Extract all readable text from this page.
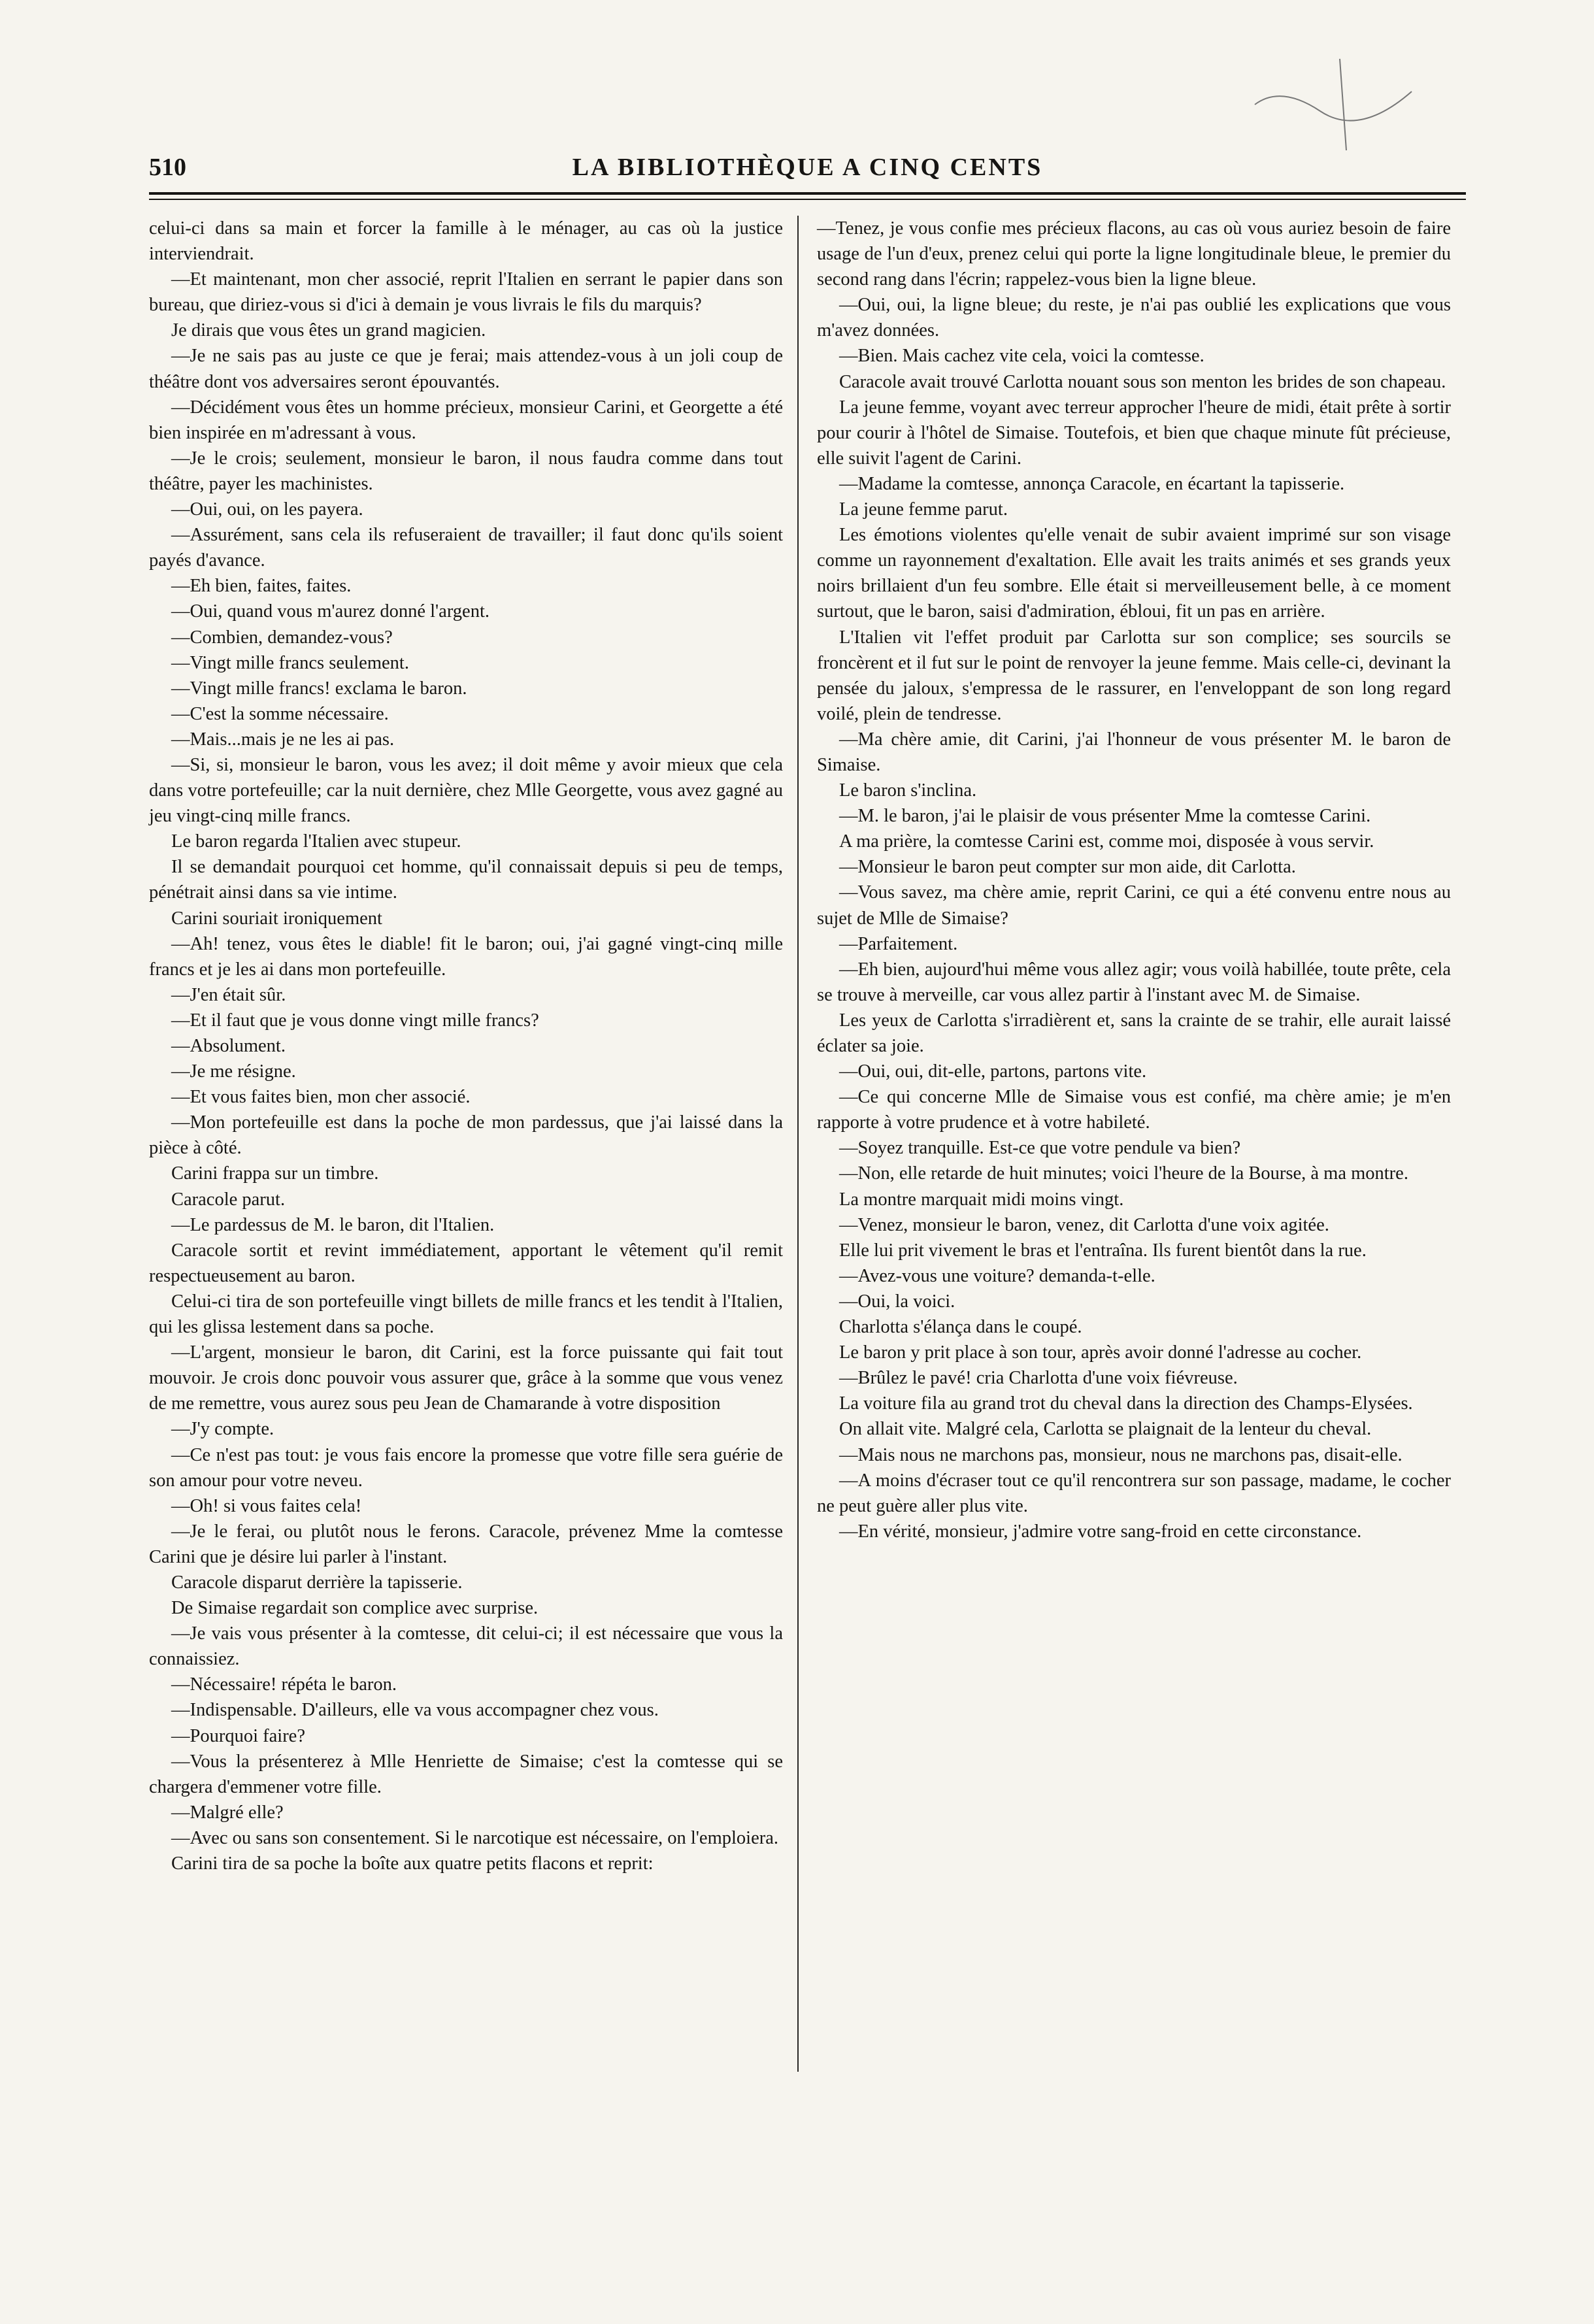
510	LA BIBLIOTHÈQUE A CINQ CENTS

celui-ci dans sa main et forcer la famille à le ménager, au cas où la justice interviendrait.

—Et maintenant, mon cher associé, reprit l'Italien en serrant le papier dans son bureau, que diriez-vous si d'ici à demain je vous livrais le fils du marquis?

Je dirais que vous êtes un grand magicien.

—Je ne sais pas au juste ce que je ferai; mais attendez-vous à un joli coup de théâtre dont vos adversaires seront épouvantés.

—Décidément vous êtes un homme précieux, monsieur Carini, et Georgette a été bien inspirée en m'adressant à vous.

—Je le crois; seulement, monsieur le baron, il nous faudra comme dans tout théâtre, payer les machinistes.

—Oui, oui, on les payera.

—Assurément, sans cela ils refuseraient de travailler; il faut donc qu'ils soient payés d'avance.

—Eh bien, faites, faites.

—Oui, quand vous m'aurez donné l'argent.

—Combien, demandez-vous?

—Vingt mille francs seulement.

—Vingt mille francs! exclama le baron.

—C'est la somme nécessaire.

—Mais...mais je ne les ai pas.

—Si, si, monsieur le baron, vous les avez; il doit même y avoir mieux que cela dans votre portefeuille; car la nuit dernière, chez Mlle Georgette, vous avez gagné au jeu vingt-cinq mille francs.

Le baron regarda l'Italien avec stupeur.

Il se demandait pourquoi cet homme, qu'il connaissait depuis si peu de temps, pénétrait ainsi dans sa vie intime.

Carini souriait ironiquement

—Ah! tenez, vous êtes le diable! fit le baron; oui, j'ai gagné vingt-cinq mille francs et je les ai dans mon portefeuille.

—J'en était sûr.

—Et il faut que je vous donne vingt mille francs?

—Absolument.

—Je me résigne.

—Et vous faites bien, mon cher associé.

—Mon portefeuille est dans la poche de mon pardessus, que j'ai laissé dans la pièce à côté.

Carini frappa sur un timbre.

Caracole parut.

—Le pardessus de M. le baron, dit l'Italien.

Caracole sortit et revint immédiatement, apportant le vêtement qu'il remit respectueusement au baron.

Celui-ci tira de son portefeuille vingt billets de mille francs et les tendit à l'Italien, qui les glissa lestement dans sa poche.

—L'argent, monsieur le baron, dit Carini, est la force puissante qui fait tout mouvoir. Je crois donc pouvoir vous assurer que, grâce à la somme que vous venez de me remettre, vous aurez sous peu Jean de Chamarande à votre disposition

—J'y compte.

—Ce n'est pas tout: je vous fais encore la promesse que votre fille sera guérie de son amour pour votre neveu.

—Oh! si vous faites cela!

—Je le ferai, ou plutôt nous le ferons. Caracole, prévenez Mme la comtesse Carini que je désire lui parler à l'instant.

Caracole disparut derrière la tapisserie.

De Simaise regardait son complice avec surprise.

—Je vais vous présenter à la comtesse, dit celui-ci; il est nécessaire que vous la connaissiez.

—Nécessaire! répéta le baron.

—Indispensable. D'ailleurs, elle va vous accompagner chez vous.

—Pourquoi faire?

—Vous la présenterez à Mlle Henriette de Simaise; c'est la comtesse qui se chargera d'emmener votre fille.

—Malgré elle?

—Avec ou sans son consentement. Si le narcotique est nécessaire, on l'emploiera.

Carini tira de sa poche la boîte aux quatre petits flacons et reprit:

—Tenez, je vous confie mes précieux flacons, au cas où vous auriez besoin de faire usage de l'un d'eux, prenez celui qui porte la ligne longitudinale bleue, le premier du second rang dans l'écrin; rappelez-vous bien la ligne bleue.

—Oui, oui, la ligne bleue; du reste, je n'ai pas oublié les explications que vous m'avez données.

—Bien. Mais cachez vite cela, voici la comtesse.

Caracole avait trouvé Carlotta nouant sous son menton les brides de son chapeau.

La jeune femme, voyant avec terreur approcher l'heure de midi, était prête à sortir pour courir à l'hôtel de Simaise. Toutefois, et bien que chaque minute fût précieuse, elle suivit l'agent de Carini.

—Madame la comtesse, annonça Caracole, en écartant la tapisserie.

La jeune femme parut.

Les émotions violentes qu'elle venait de subir avaient imprimé sur son visage comme un rayonnement d'exaltation. Elle avait les traits animés et ses grands yeux noirs brillaient d'un feu sombre. Elle était si merveilleusement belle, à ce moment surtout, que le baron, saisi d'admiration, ébloui, fit un pas en arrière.

L'Italien vit l'effet produit par Carlotta sur son complice; ses sourcils se froncèrent et il fut sur le point de renvoyer la jeune femme. Mais celle-ci, devinant la pensée du jaloux, s'empressa de le rassurer, en l'enveloppant de son long regard voilé, plein de tendresse.

—Ma chère amie, dit Carini, j'ai l'honneur de vous présenter M. le baron de Simaise.

Le baron s'inclina.

—M. le baron, j'ai le plaisir de vous présenter Mme la comtesse Carini.

A ma prière, la comtesse Carini est, comme moi, disposée à vous servir.

—Monsieur le baron peut compter sur mon aide, dit Carlotta.

—Vous savez, ma chère amie, reprit Carini, ce qui a été convenu entre nous au sujet de Mlle de Simaise?

—Parfaitement.

—Eh bien, aujourd'hui même vous allez agir; vous voilà habillée, toute prête, cela se trouve à merveille, car vous allez partir à l'instant avec M. de Simaise.

Les yeux de Carlotta s'irradièrent et, sans la crainte de se trahir, elle aurait laissé éclater sa joie.

—Oui, oui, dit-elle, partons, partons vite.

—Ce qui concerne Mlle de Simaise vous est confié, ma chère amie; je m'en rapporte à votre prudence et à votre habileté.

—Soyez tranquille. Est-ce que votre pendule va bien?

—Non, elle retarde de huit minutes; voici l'heure de la Bourse, à ma montre.

La montre marquait midi moins vingt.

—Venez, monsieur le baron, venez, dit Carlotta d'une voix agitée.

Elle lui prit vivement le bras et l'entraîna. Ils furent bientôt dans la rue.

—Avez-vous une voiture? demanda-t-elle.

—Oui, la voici.

Charlotta s'élança dans le coupé.

Le baron y prit place à son tour, après avoir donné l'adresse au cocher.

—Brûlez le pavé! cria Charlotta d'une voix fiévreuse.

La voiture fila au grand trot du cheval dans la direction des Champs-Elysées.

On allait vite. Malgré cela, Carlotta se plaignait de la lenteur du cheval.

—Mais nous ne marchons pas, monsieur, nous ne marchons pas, disait-elle.

—A moins d'écraser tout ce qu'il rencontrera sur son passage, madame, le cocher ne peut guère aller plus vite.

—En vérité, monsieur, j'admire votre sang-froid en cette circonstance.
